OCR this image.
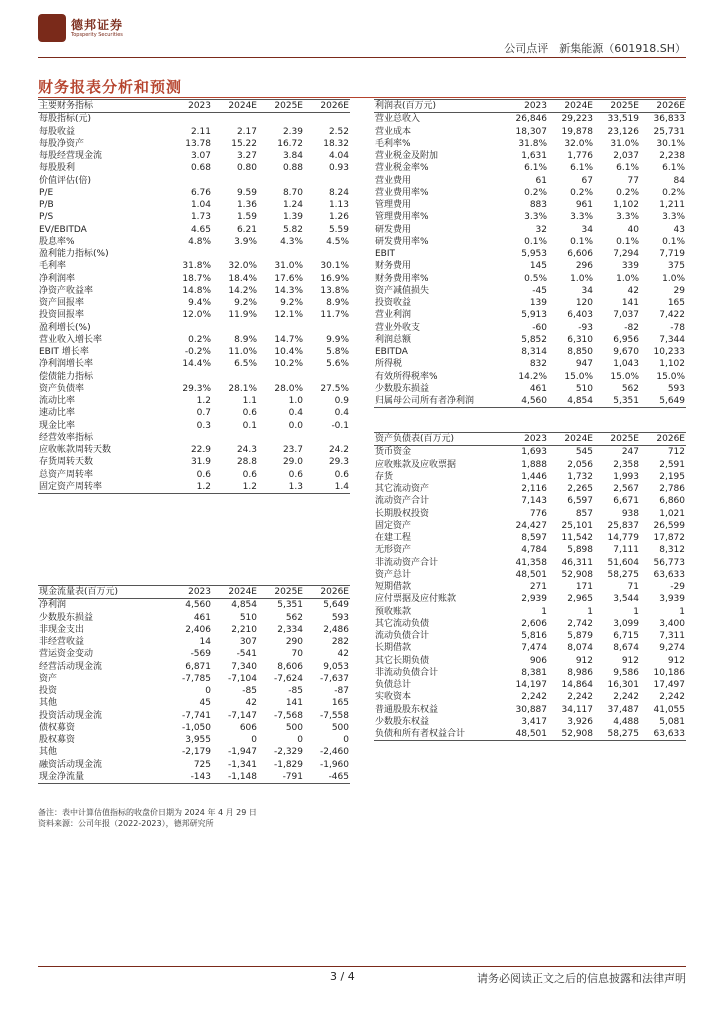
德邦证券
Topsperity Securities
公司点评　新集能源（601918.SH）
财务报表分析和预测
主要财务指标	2023	2024E	2025E	2026E
每股指标(元)				
每股收益	2.11	2.17	2.39	2.52
每股净资产	13.78	15.22	16.72	18.32
每股经营现金流	3.07	3.27	3.84	4.04
每股股利	0.68	0.80	0.88	0.93
价值评估(倍)				
P/E	6.76	9.59	8.70	8.24
P/B	1.04	1.36	1.24	1.13
P/S	1.73	1.59	1.39	1.26
EV/EBITDA	4.65	6.21	5.82	5.59
股息率%	4.8%	3.9%	4.3%	4.5%
盈利能力指标(%)				
毛利率	31.8%	32.0%	31.0%	30.1%
净利润率	18.7%	18.4%	17.6%	16.9%
净资产收益率	14.8%	14.2%	14.3%	13.8%
资产回报率	9.4%	9.2%	9.2%	8.9%
投资回报率	12.0%	11.9%	12.1%	11.7%
盈利增长(%)				
营业收入增长率	0.2%	8.9%	14.7%	9.9%
EBIT 增长率	-0.2%	11.0%	10.4%	5.8%
净利润增长率	14.4%	6.5%	10.2%	5.6%
偿债能力指标				
资产负债率	29.3%	28.1%	28.0%	27.5%
流动比率	1.2	1.1	1.0	0.9
速动比率	0.7	0.6	0.4	0.4
现金比率	0.3	0.1	0.0	-0.1
经营效率指标				
应收帐款周转天数	22.9	24.3	23.7	24.2
存货周转天数	31.9	28.8	29.0	29.3
总资产周转率	0.6	0.6	0.6	0.6
固定资产周转率	1.2	1.2	1.3	1.4
利润表(百万元)	2023	2024E	2025E	2026E
营业总收入	26,846	29,223	33,519	36,833
营业成本	18,307	19,878	23,126	25,731
毛利率%	31.8%	32.0%	31.0%	30.1%
营业税金及附加	1,631	1,776	2,037	2,238
营业税金率%	6.1%	6.1%	6.1%	6.1%
营业费用	61	67	77	84
营业费用率%	0.2%	0.2%	0.2%	0.2%
管理费用	883	961	1,102	1,211
管理费用率%	3.3%	3.3%	3.3%	3.3%
研发费用	32	34	40	43
研发费用率%	0.1%	0.1%	0.1%	0.1%
EBIT	5,953	6,606	7,294	7,719
财务费用	145	296	339	375
财务费用率%	0.5%	1.0%	1.0%	1.0%
资产减值损失	-45	34	42	29
投资收益	139	120	141	165
营业利润	5,913	6,403	7,037	7,422
营业外收支	-60	-93	-82	-78
利润总额	5,852	6,310	6,956	7,344
EBITDA	8,314	8,850	9,670	10,233
所得税	832	947	1,043	1,102
有效所得税率%	14.2%	15.0%	15.0%	15.0%
少数股东损益	461	510	562	593
归属母公司所有者净利润	4,560	4,854	5,351	5,649
资产负债表(百万元)	2023	2024E	2025E	2026E
货币资金	1,693	545	247	712
应收账款及应收票据	1,888	2,056	2,358	2,591
存货	1,446	1,732	1,993	2,195
其它流动资产	2,116	2,265	2,567	2,786
流动资产合计	7,143	6,597	6,671	6,860
长期股权投资	776	857	938	1,021
固定资产	24,427	25,101	25,837	26,599
在建工程	8,597	11,542	14,779	17,872
无形资产	4,784	5,898	7,111	8,312
非流动资产合计	41,358	46,311	51,604	56,773
资产总计	48,501	52,908	58,275	63,633
短期借款	271	171	71	-29
应付票据及应付账款	2,939	2,965	3,544	3,939
预收账款	1	1	1	1
其它流动负债	2,606	2,742	3,099	3,400
流动负债合计	5,816	5,879	6,715	7,311
长期借款	7,474	8,074	8,674	9,274
其它长期负债	906	912	912	912
非流动负债合计	8,381	8,986	9,586	10,186
负债总计	14,197	14,864	16,301	17,497
实收资本	2,242	2,242	2,242	2,242
普通股股东权益	30,887	34,117	37,487	41,055
少数股东权益	3,417	3,926	4,488	5,081
负债和所有者权益合计	48,501	52,908	58,275	63,633
现金流量表(百万元)	2023	2024E	2025E	2026E
净利润	4,560	4,854	5,351	5,649
少数股东损益	461	510	562	593
非现金支出	2,406	2,210	2,334	2,486
非经营收益	14	307	290	282
营运资金变动	-569	-541	70	42
经营活动现金流	6,871	7,340	8,606	9,053
资产	-7,785	-7,104	-7,624	-7,637
投资	0	-85	-85	-87
其他	45	42	141	165
投资活动现金流	-7,741	-7,147	-7,568	-7,558
债权募资	-1,050	606	500	500
股权募资	3,955	0	0	0
其他	-2,179	-1,947	-2,329	-2,460
融资活动现金流	725	-1,341	-1,829	-1,960
现金净流量	-143	-1,148	-791	-465
备注：表中计算估值指标的收盘价日期为 2024 年 4 月 29 日
资料来源：公司年报（2022-2023），德邦研究所
3 / 4	请务必阅读正文之后的信息披露和法律声明
